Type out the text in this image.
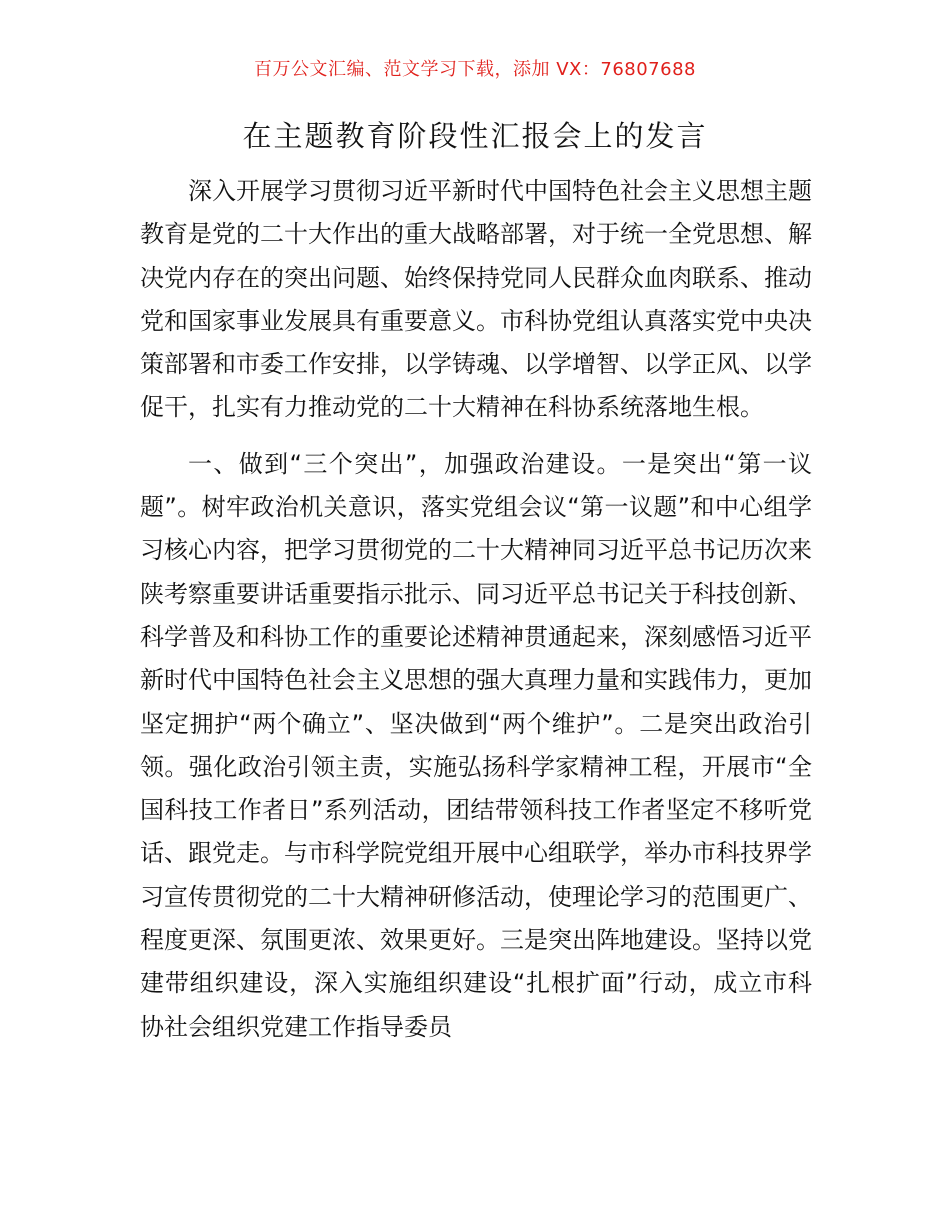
百万公文汇编、范文学习下载，添加 VX：76807688
在主题教育阶段性汇报会上的发言

深入开展学习贯彻习近平新时代中国特色社会主义思想主题教育是党的二十大作出的重大战略部署，对于统一全党思想、解决党内存在的突出问题、始终保持党同人民群众血肉联系、推动党和国家事业发展具有重要意义。市科协党组认真落实党中央决策部署和市委工作安排，以学铸魂、以学增智、以学正风、以学促干，扎实有力推动党的二十大精神在科协系统落地生根。

一、做到“三个突出”，加强政治建设。一是突出“第一议题”。树牢政治机关意识，落实党组会议“第一议题”和中心组学习核心内容，把学习贯彻党的二十大精神同习近平总书记历次来陕考察重要讲话重要指示批示、同习近平总书记关于科技创新、科学普及和科协工作的重要论述精神贯通起来，深刻感悟习近平新时代中国特色社会主义思想的强大真理力量和实践伟力，更加坚定拥护“两个确立”、坚决做到“两个维护”。二是突出政治引领。强化政治引领主责，实施弘扬科学家精神工程，开展市“全国科技工作者日”系列活动，团结带领科技工作者坚定不移听党话、跟党走。与市科学院党组开展中心组联学，举办市科技界学习宣传贯彻党的二十大精神研修活动，使理论学习的范围更广、程度更深、氛围更浓、效果更好。三是突出阵地建设。坚持以党建带组织建设，深入实施组织建设“扎根扩面”行动，成立市科协社会组织党建工作指导委员
